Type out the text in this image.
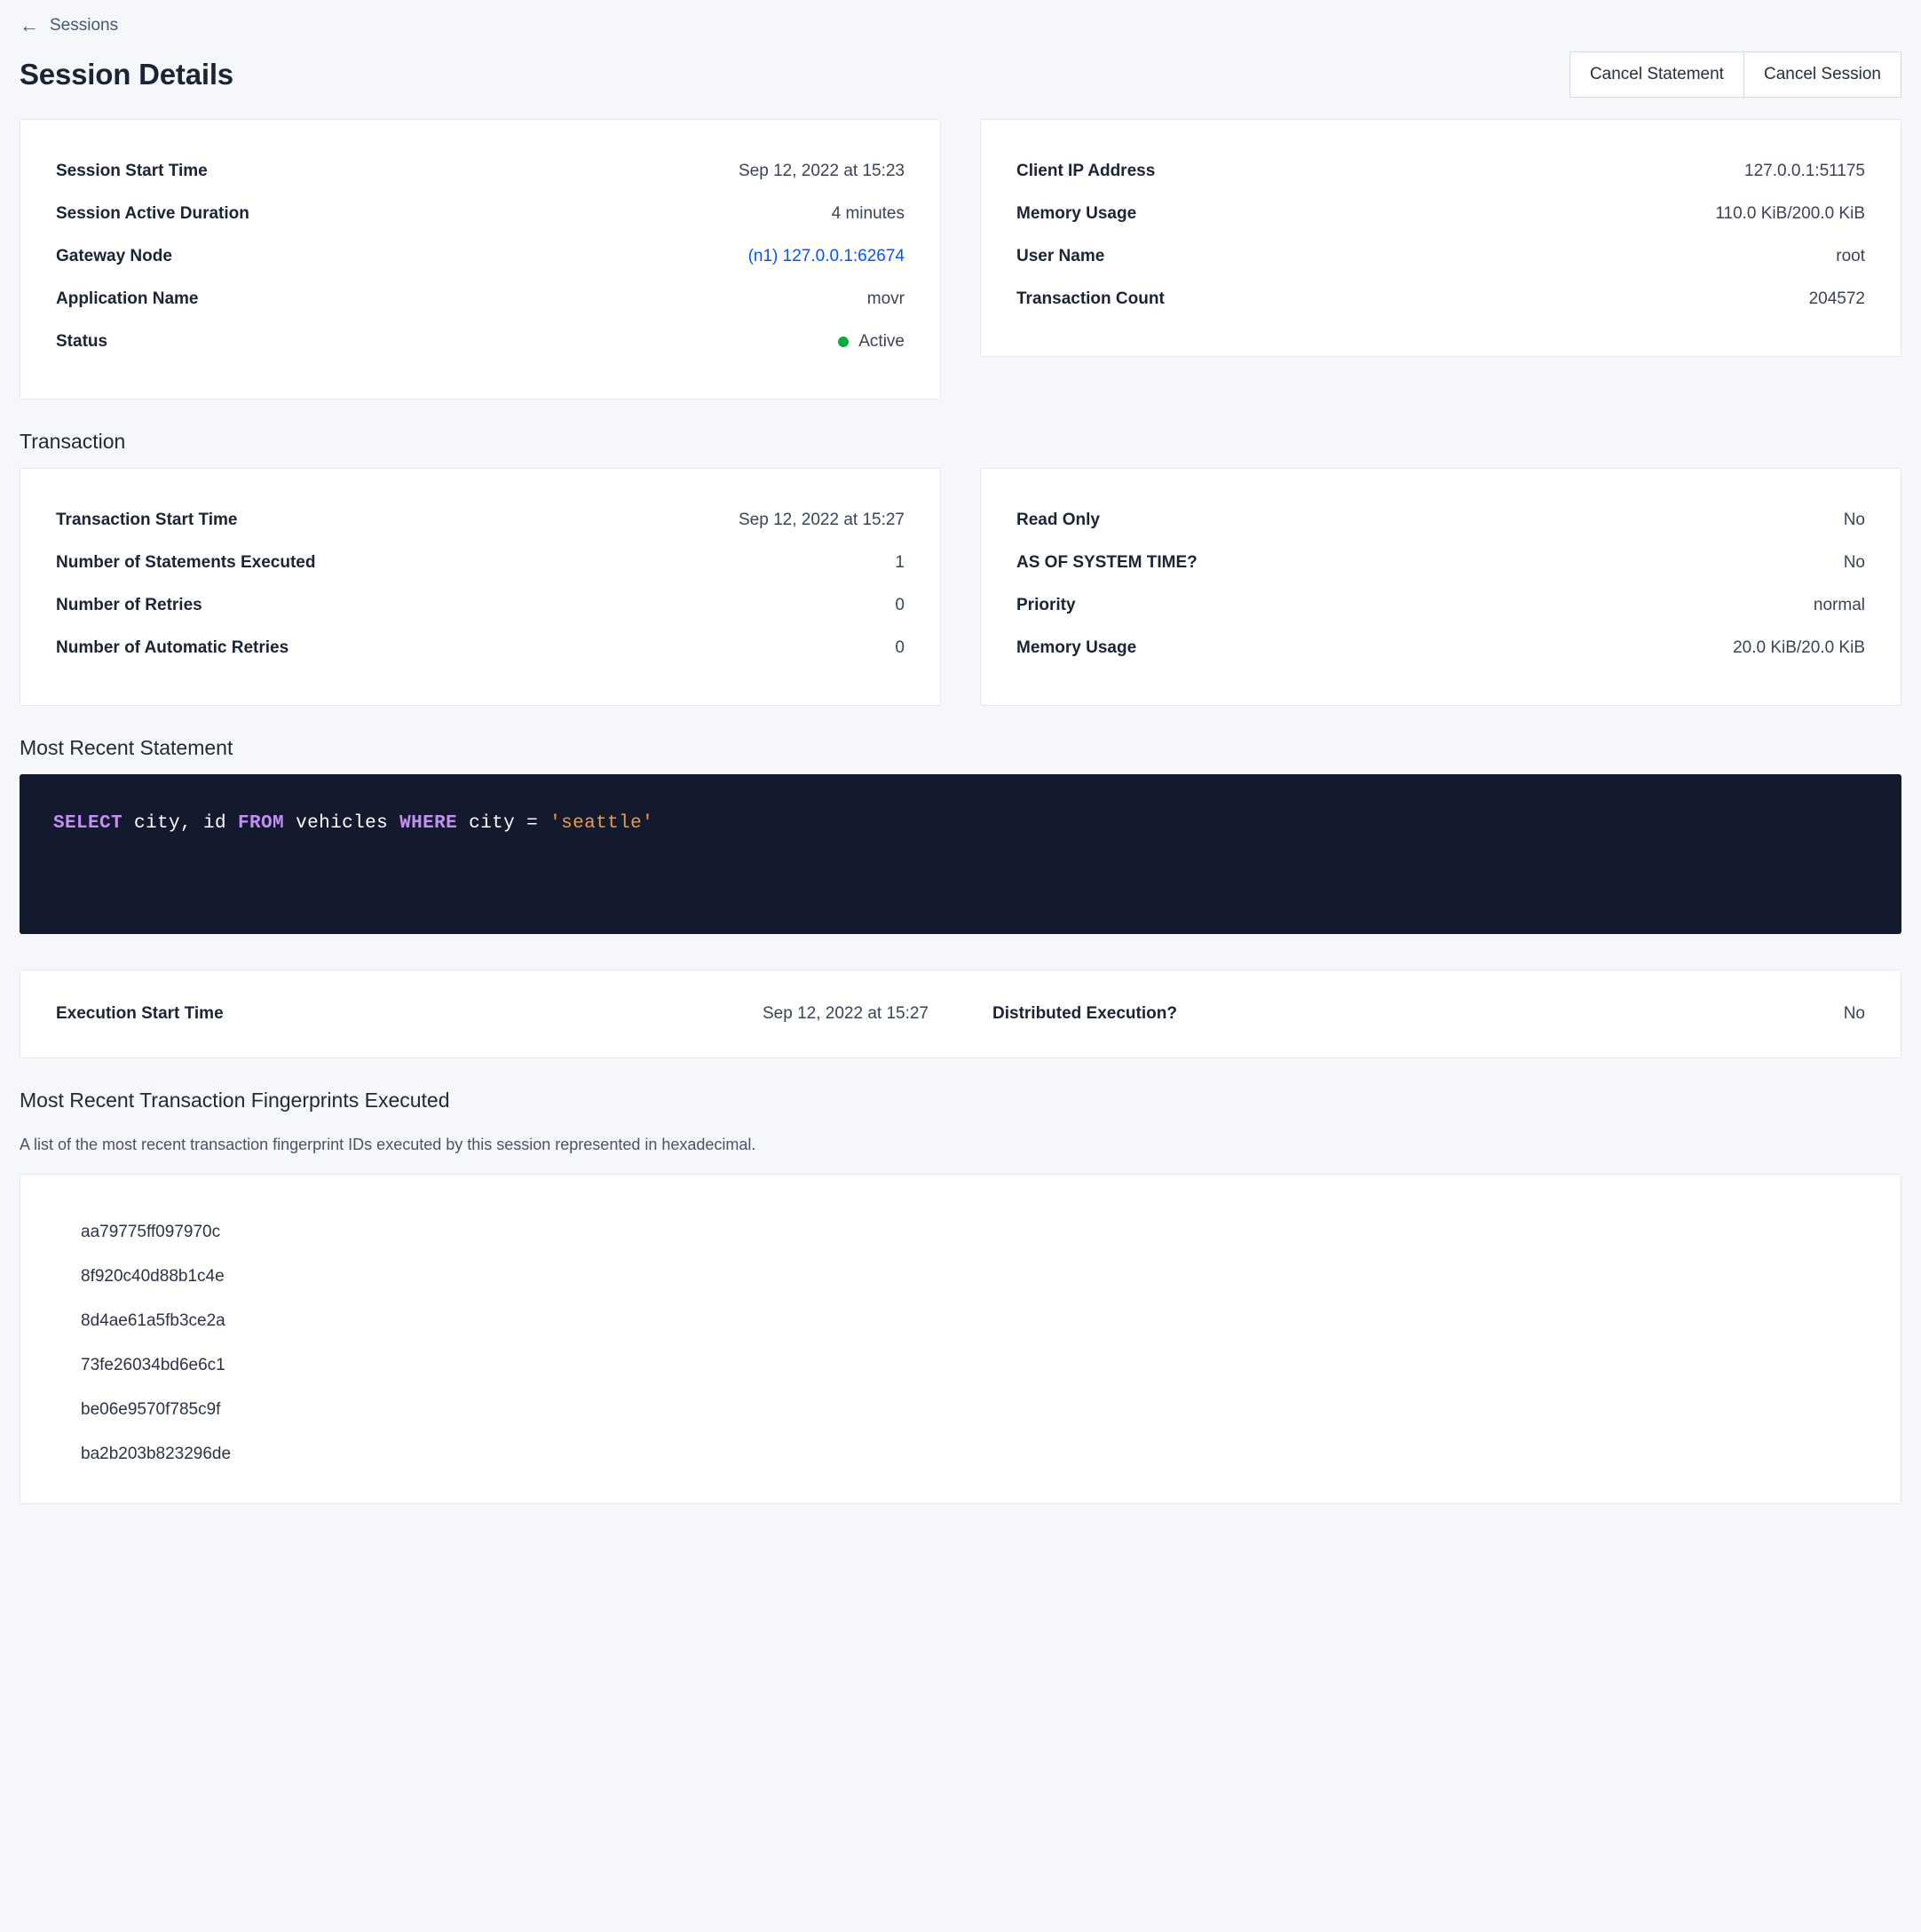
← Sessions
Session Details	Cancel Statement	Cancel Session
Session Start Time	Sep 12, 2022 at 15:23
Session Active Duration	4 minutes
Gateway Node	(n1) 127.0.0.1:62674
Application Name	movr
Status	Active
Client IP Address	127.0.0.1:51175
Memory Usage	110.0 KiB/200.0 KiB
User Name	root
Transaction Count	204572
Transaction
Transaction Start Time	Sep 12, 2022 at 15:27
Number of Statements Executed	1
Number of Retries	0
Number of Automatic Retries	0
Read Only	No
AS OF SYSTEM TIME?	No
Priority	normal
Memory Usage	20.0 KiB/20.0 KiB
Most Recent Statement
SELECT city, id FROM vehicles WHERE city = 'seattle'
Execution Start Time	Sep 12, 2022 at 15:27	Distributed Execution?	No
Most Recent Transaction Fingerprints Executed
A list of the most recent transaction fingerprint IDs executed by this session represented in hexadecimal.
aa79775ff097970c
8f920c40d88b1c4e
8d4ae61a5fb3ce2a
73fe26034bd6e6c1
be06e9570f785c9f
ba2b203b823296de
